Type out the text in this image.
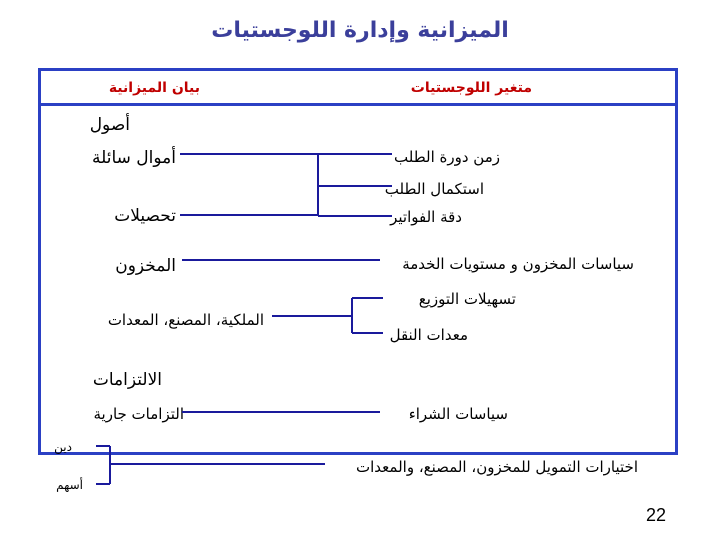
الميزانية وإدارة اللوجستيات
بيان الميزانية	متغير اللوجستيات
أصول
أموال سائلة
تحصيلات
المخزون
الملكية، المصنع، المعدات
الالتزامات
التزامات جارية
دين
أسهم
زمن دورة الطلب
استكمال الطلب
دقة الفواتير
سياسات المخزون و مستويات الخدمة
تسهيلات التوزيع
معدات النقل
سياسات الشراء
اختيارات التمويل للمخزون، المصنع، والمعدات
22
